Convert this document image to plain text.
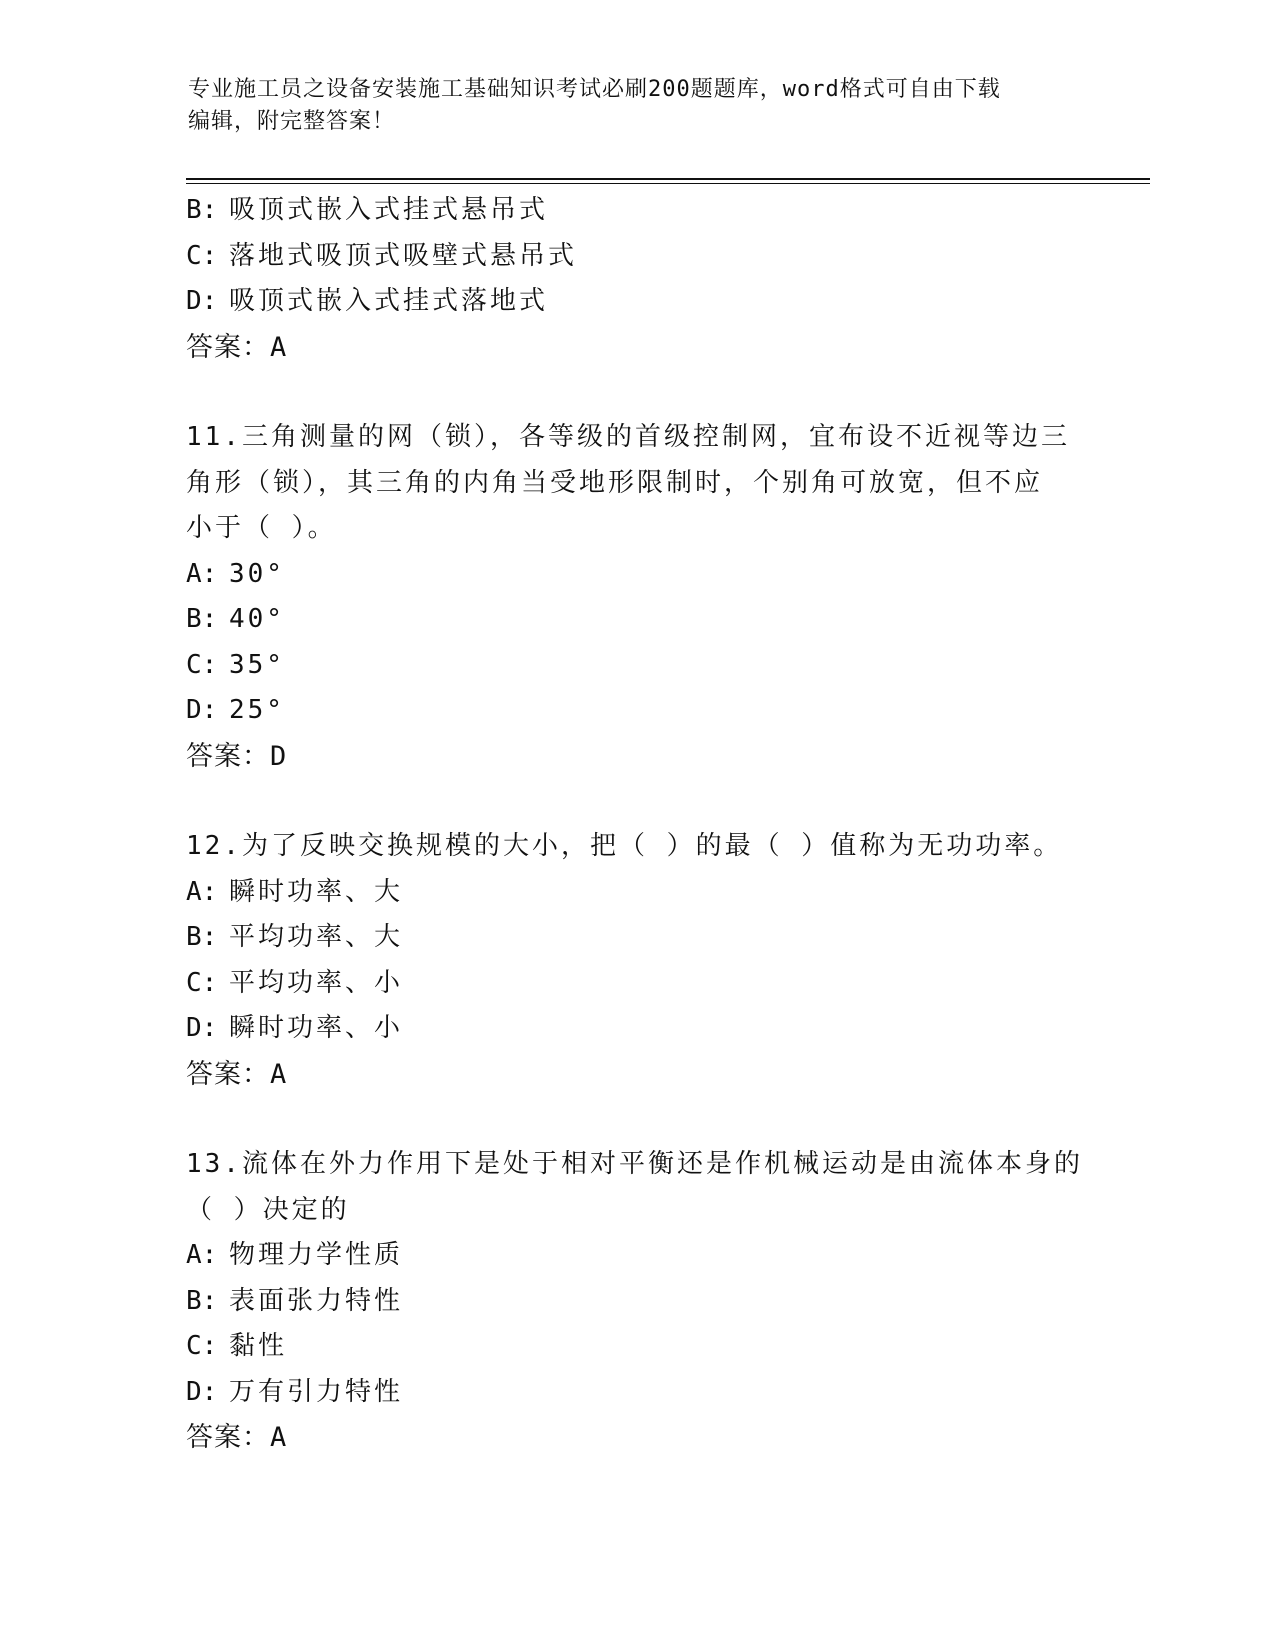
专业施工员之设备安装施工基础知识考试必刷200题题库，word格式可自由下载
编辑，附完整答案！
B: 吸顶式嵌入式挂式悬吊式
C: 落地式吸顶式吸壁式悬吊式
D: 吸顶式嵌入式挂式落地式
答案：A
11.三角测量的网（锁），各等级的首级控制网，宜布设不近视等边三
角形（锁），其三角的内角当受地形限制时，个别角可放宽，但不应
小于（ ）。
A: 30°
B: 40°
C: 35°
D: 25°
答案：D
12.为了反映交换规模的大小，把（ ）的最（ ）值称为无功功率。
A: 瞬时功率、大
B: 平均功率、大
C: 平均功率、小
D: 瞬时功率、小
答案：A
13.流体在外力作用下是处于相对平衡还是作机械运动是由流体本身的
（ ）决定的
A: 物理力学性质
B: 表面张力特性
C: 黏性
D: 万有引力特性
答案：A
